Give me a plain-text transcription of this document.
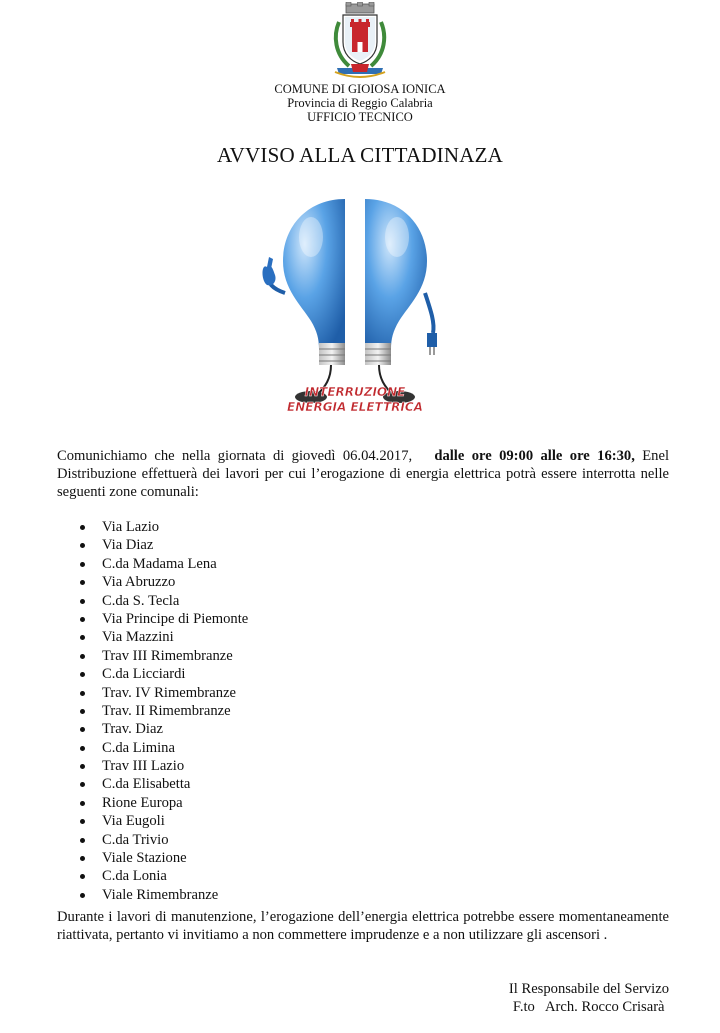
COMUNE DI GIOIOSA IONICA
Provincia di Reggio Calabria
UFFICIO TECNICO
AVVISO ALLA CITTADINAZA
INTERRUZIONE
ENERGIA ELETTRICA
Comunichiamo che nella giornata di giovedì 06.04.2017, dalle ore 09:00 alle ore 16:30, Enel Distribuzione effettuerà dei lavori per cui l’erogazione di energia elettrica potrà essere interrotta nelle seguenti zone comunali:
Via Lazio
Via Diaz
C.da Madama Lena
Via Abruzzo
C.da S. Tecla
Via Principe di Piemonte
Via Mazzini
Trav III Rimembranze
C.da Licciardi
Trav. IV Rimembranze
Trav. II Rimembranze
Trav. Diaz
C.da Limina
Trav III Lazio
C.da Elisabetta
Rione Europa
Via Eugoli
C.da Trivio
Viale Stazione
C.da Lonia
Viale Rimembranze
Durante i lavori di manutenzione, l’erogazione dell’energia elettrica potrebbe essere momentaneamente riattivata, pertanto vi invitiamo a non commettere imprudenze e a non utilizzare gli ascensori .
Il Responsabile del Servizo
F.to   Arch. Rocco Crisarà
